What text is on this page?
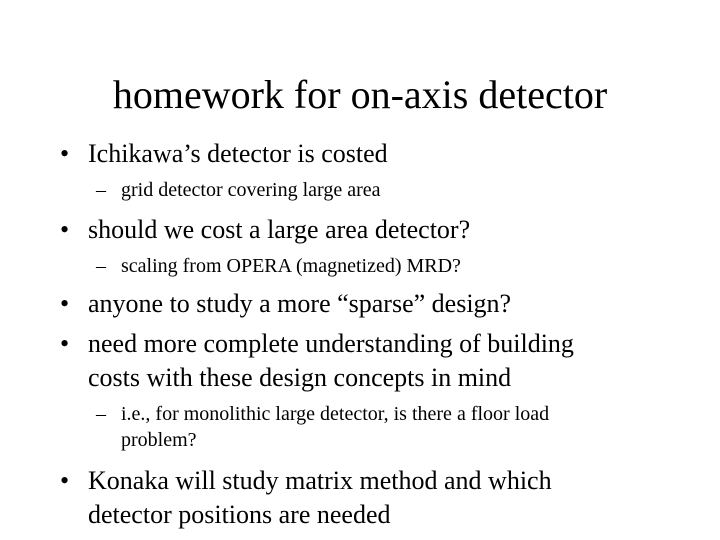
homework for on-axis detector
• Ichikawa’s detector is costed
– grid detector covering large area
• should we cost a large area detector?
– scaling from OPERA (magnetized) MRD?
• anyone to study a more “sparse” design?
• need more complete understanding of building
costs with these design concepts in mind
– i.e., for monolithic large detector, is there a floor load
problem?
• Konaka will study matrix method and which
detector positions are needed
